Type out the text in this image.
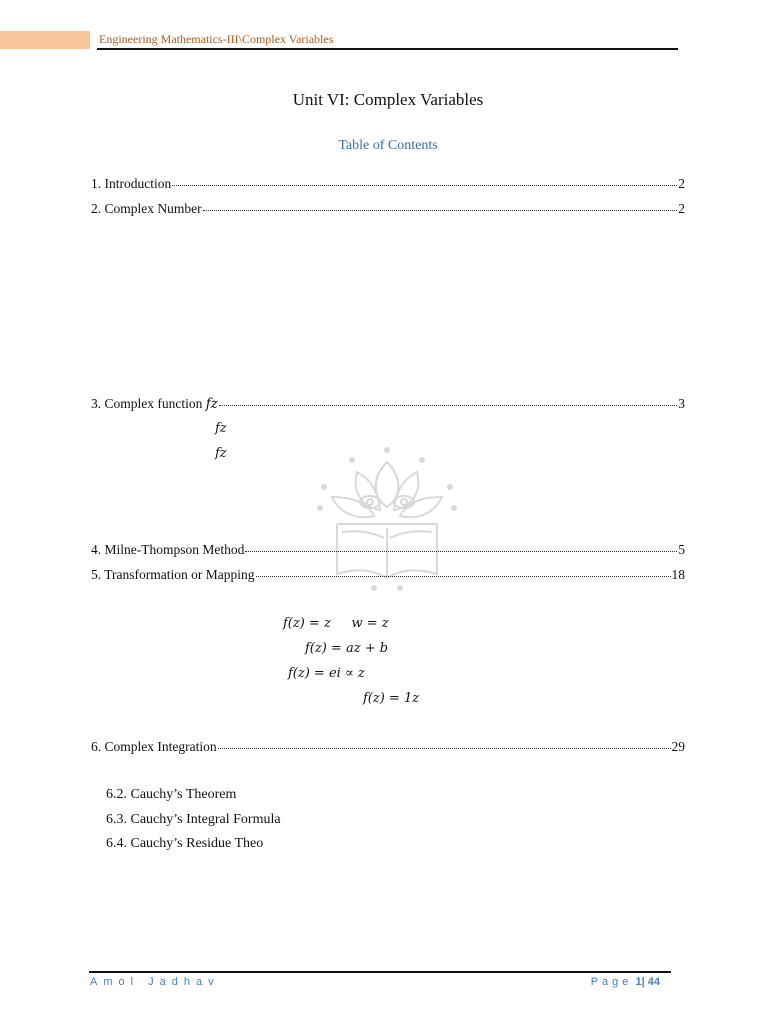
Engineering Mathematics-III\Complex Variables
Unit VI: Complex Variables
Table of Contents
1. Introduction	2
2. Complex Number	2
3. Complex function fz	3
fz
fz
4. Milne-Thompson Method	5
5. Transformation or Mapping	18
f(z) = z     w = z
f(z) = az + b
f(z) = ei ∝ z
f(z) = 1z
6. Complex Integration	29
6.2. Cauchy’s Theorem
6.3. Cauchy’s Integral Formula
6.4. Cauchy’s Residue Theo
Amol Jadhav	Page 1| 44
